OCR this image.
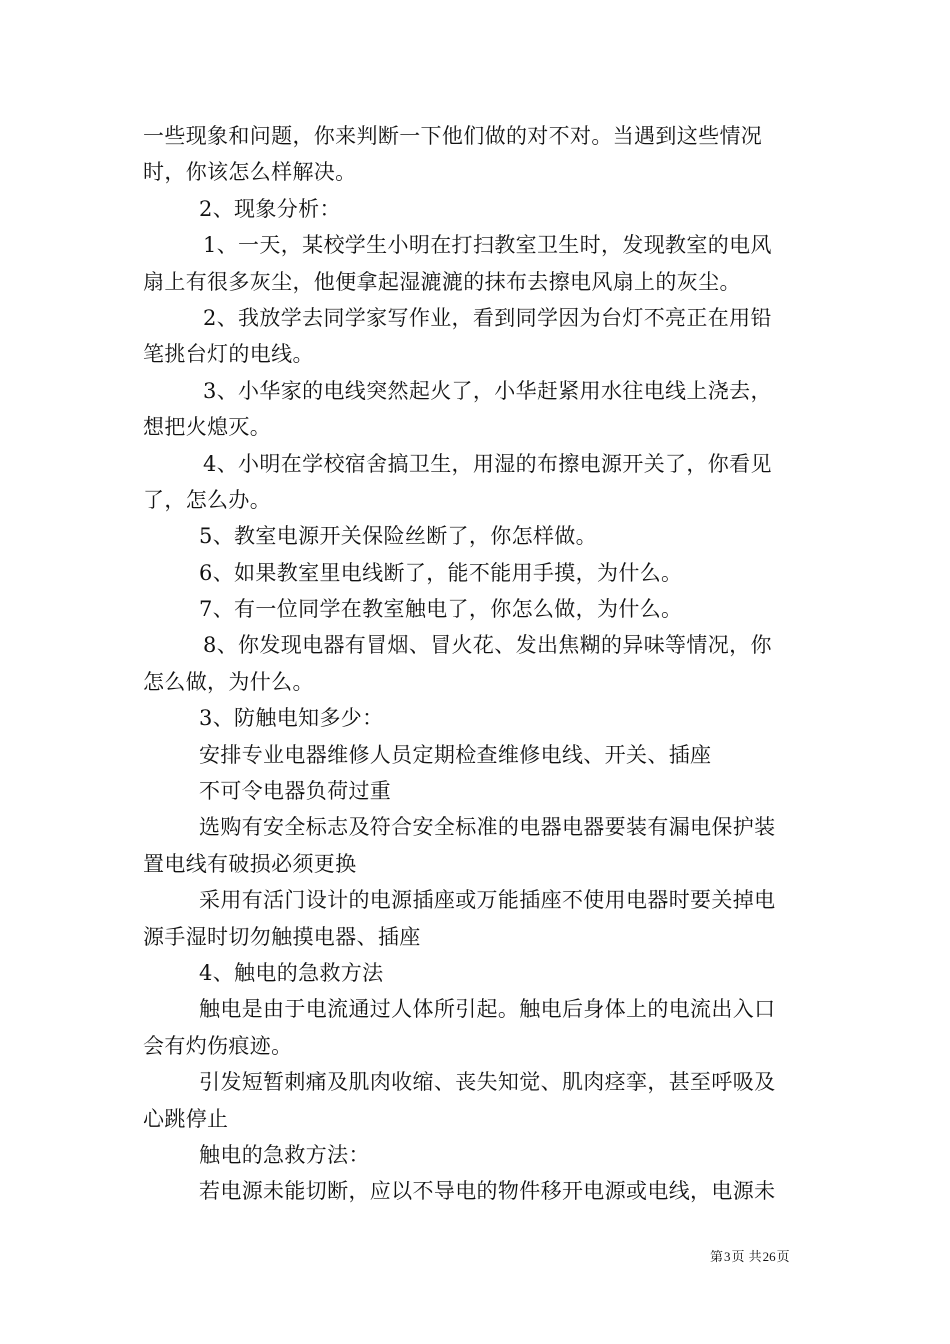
一些现象和问题，你来判断一下他们做的对不对。当遇到这些情况
时，你该怎么样解决。
2、现象分析：
1、一天，某校学生小明在打扫教室卫生时，发现教室的电风
扇上有很多灰尘，他便拿起湿漉漉的抹布去擦电风扇上的灰尘。
2、我放学去同学家写作业，看到同学因为台灯不亮正在用铅
笔挑台灯的电线。
3、小华家的电线突然起火了，小华赶紧用水往电线上浇去，
想把火熄灭。
4、小明在学校宿舍搞卫生，用湿的布擦电源开关了，你看见
了，怎么办。
5、教室电源开关保险丝断了，你怎样做。
6、如果教室里电线断了，能不能用手摸，为什么。
7、有一位同学在教室触电了，你怎么做，为什么。
8、你发现电器有冒烟、冒火花、发出焦糊的异味等情况，你
怎么做，为什么。
3、防触电知多少：
安排专业电器维修人员定期检查维修电线、开关、插座
不可令电器负荷过重
选购有安全标志及符合安全标准的电器电器要装有漏电保护装
置电线有破损必须更换
采用有活门设计的电源插座或万能插座不使用电器时要关掉电
源手湿时切勿触摸电器、插座
4、触电的急救方法
触电是由于电流通过人体所引起。触电后身体上的电流出入口
会有灼伤痕迹。
引发短暂刺痛及肌肉收缩、丧失知觉、肌肉痉挛，甚至呼吸及
心跳停止
触电的急救方法：
若电源未能切断，应以不导电的物件移开电源或电线，电源未
第3页 共26页
